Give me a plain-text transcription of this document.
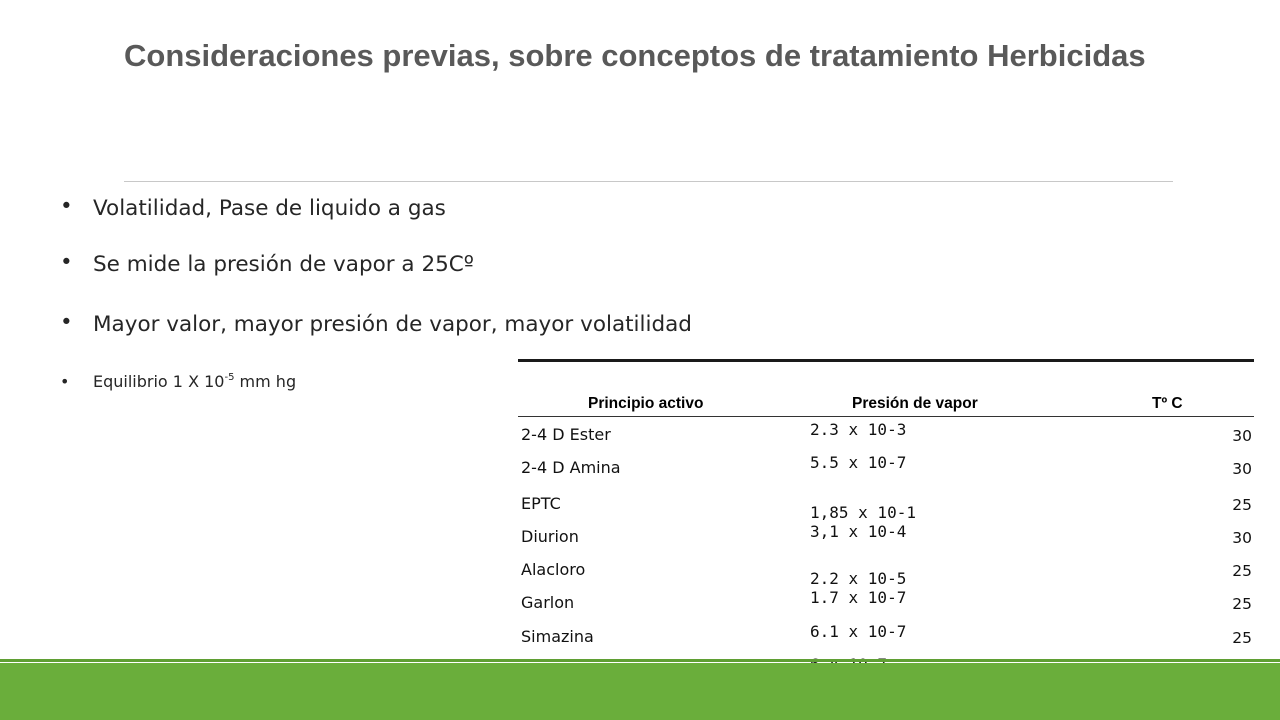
Consideraciones previas, sobre conceptos de tratamiento Herbicidas
• Volatilidad, Pase de liquido a gas
• Se mide la presión de vapor a 25Cº
• Mayor valor, mayor presión de vapor, mayor volatilidad
• Equilibrio 1 X $10^{-5}$ mm hg
Principio activo	Presión de vapor	Tº C
2-4 D Ester	2.3 x 10-3	30
2-4 D Amina	5.5 x 10-7	30
EPTC	1,85 x 10-1	25
Diurion	3,1 x 10-4	30
Alacloro	2.2 x 10-5	25
Garlon	1.7 x 10-7	25
Simazina	6.1 x 10-7	25
